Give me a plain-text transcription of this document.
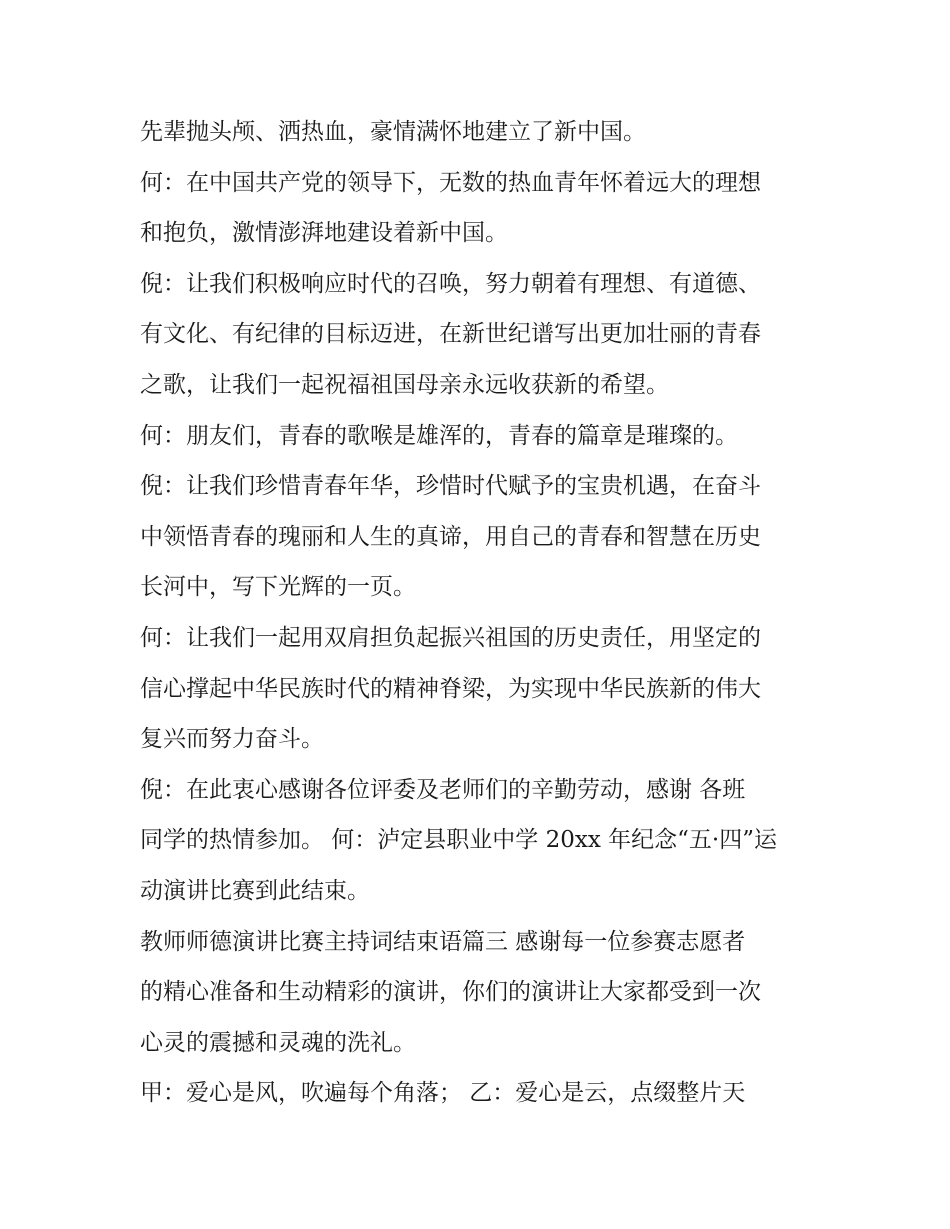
先辈抛头颅、洒热血，豪情满怀地建立了新中国。
何：在中国共产党的领导下，无数的热血青年怀着远大的理想
和抱负，激情澎湃地建设着新中国。
倪：让我们积极响应时代的召唤，努力朝着有理想、有道德、
有文化、有纪律的目标迈进，在新世纪谱写出更加壮丽的青春
之歌，让我们一起祝福祖国母亲永远收获新的希望。
何：朋友们，青春的歌喉是雄浑的，青春的篇章是璀璨的。
倪：让我们珍惜青春年华，珍惜时代赋予的宝贵机遇，在奋斗
中领悟青春的瑰丽和人生的真谛，用自己的青春和智慧在历史
长河中，写下光辉的一页。
何：让我们一起用双肩担负起振兴祖国的历史责任，用坚定的
信心撑起中华民族时代的精神脊梁，为实现中华民族新的伟大
复兴而努力奋斗。
倪：在此衷心感谢各位评委及老师们的辛勤劳动，感谢 各班
同学的热情参加。 何：泸定县职业中学 20xx 年纪念“五·四”运
动演讲比赛到此结束。
教师师德演讲比赛主持词结束语篇三 感谢每一位参赛志愿者
的精心准备和生动精彩的演讲，你们的演讲让大家都受到一次
心灵的震撼和灵魂的洗礼。
甲：爱心是风，吹遍每个角落； 乙：爱心是云，点缀整片天
